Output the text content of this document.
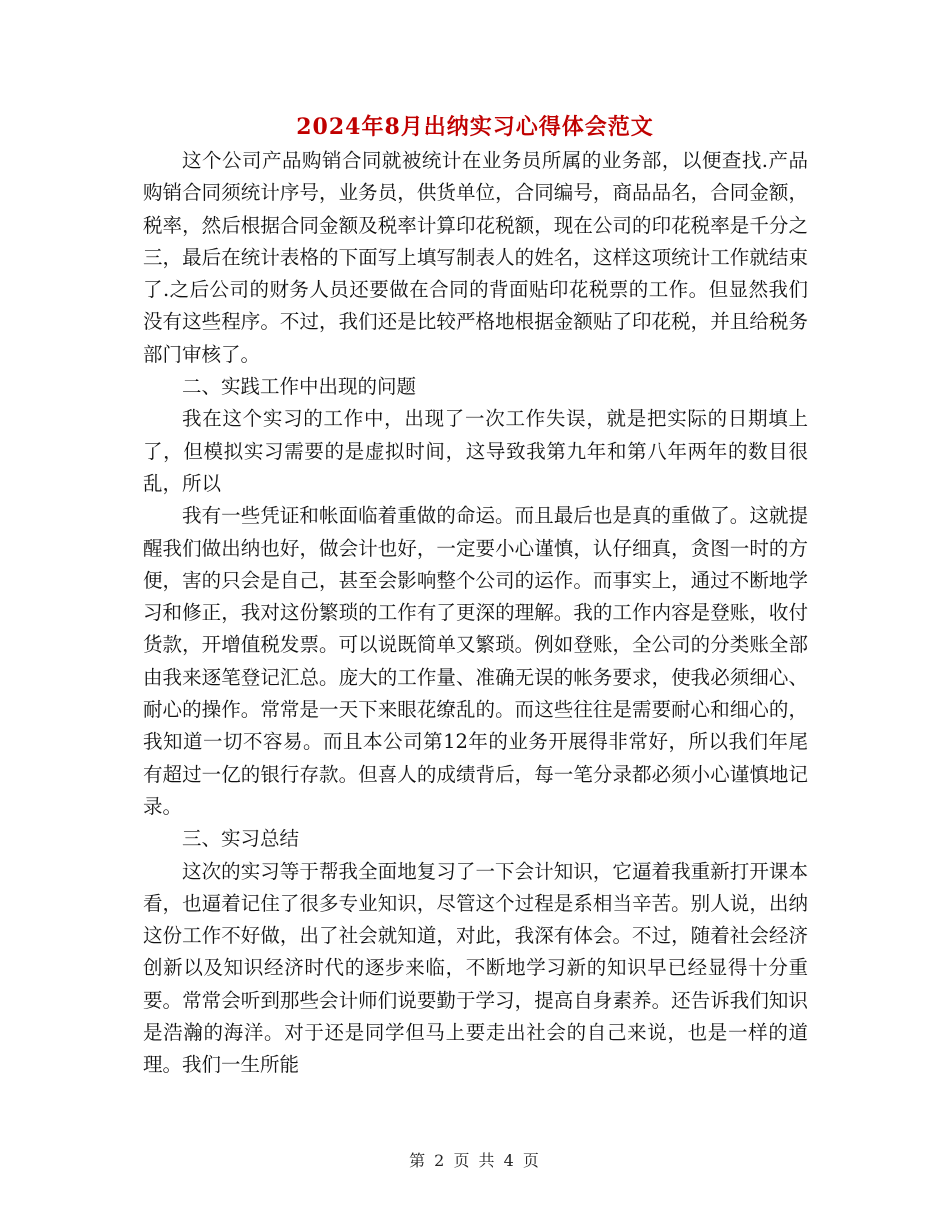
2024年8月出纳实习心得体会范文

这个公司产品购销合同就被统计在业务员所属的业务部，以便查找.产品购销合同须统计序号，业务员，供货单位，合同编号，商品品名，合同金额，税率，然后根据合同金额及税率计算印花税额，现在公司的印花税率是千分之三，最后在统计表格的下面写上填写制表人的姓名，这样这项统计工作就结束了.之后公司的财务人员还要做在合同的背面贴印花税票的工作。但显然我们没有这些程序。不过，我们还是比较严格地根据金额贴了印花税，并且给税务部门审核了。

二、实践工作中出现的问题

我在这个实习的工作中，出现了一次工作失误，就是把实际的日期填上了，但模拟实习需要的是虚拟时间，这导致我第九年和第八年两年的数目很乱，所以

我有一些凭证和帐面临着重做的命运。而且最后也是真的重做了。这就提醒我们做出纳也好，做会计也好，一定要小心谨慎，认仔细真，贪图一时的方便，害的只会是自己，甚至会影响整个公司的运作。而事实上，通过不断地学习和修正，我对这份繁琐的工作有了更深的理解。我的工作内容是登账，收付货款，开增值税发票。可以说既简单又繁琐。例如登账，全公司的分类账全部由我来逐笔登记汇总。庞大的工作量、准确无误的帐务要求，使我必须细心、耐心的操作。常常是一天下来眼花缭乱的。而这些往往是需要耐心和细心的，我知道一切不容易。而且本公司第12年的业务开展得非常好，所以我们年尾有超过一亿的银行存款。但喜人的成绩背后，每一笔分录都必须小心谨慎地记录。

三、实习总结

这次的实习等于帮我全面地复习了一下会计知识，它逼着我重新打开课本看，也逼着记住了很多专业知识，尽管这个过程是系相当辛苦。别人说，出纳这份工作不好做，出了社会就知道，对此，我深有体会。不过，随着社会经济创新以及知识经济时代的逐步来临，不断地学习新的知识早已经显得十分重要。常常会听到那些会计师们说要勤于学习，提高自身素养。还告诉我们知识是浩瀚的海洋。对于还是同学但马上要走出社会的自己来说，也是一样的道理。我们一生所能

第 2 页 共 4 页
